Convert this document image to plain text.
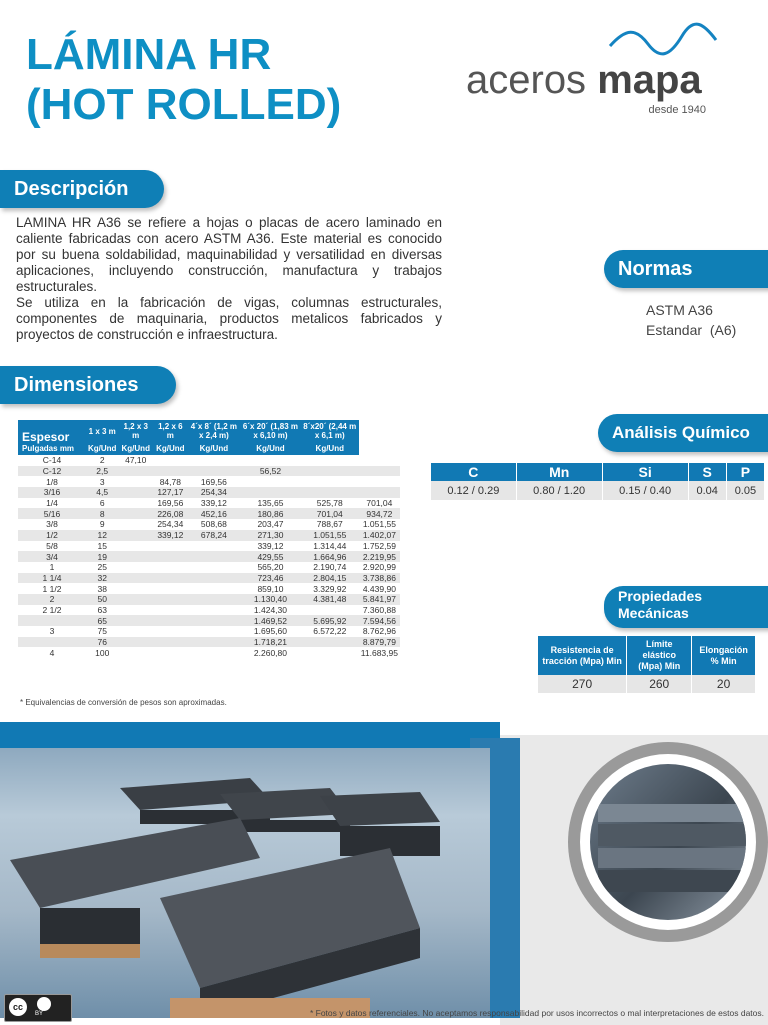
LÁMINA HR
(HOT ROLLED)	aceros mapa
desde 1940
Descripción
LAMINA HR A36 se refiere a hojas o placas de acero laminado en caliente fabricadas con acero ASTM A36. Este material es conocido por su buena soldabilidad, maquinabilidad y versatilidad en diversas aplicaciones, incluyendo construcción, manufactura y trabajos estructurales.
Se utiliza en la fabricación de vigas, columnas estructurales, componentes de maquinaria, productos metalicos fabricados y proyectos de construcción e infraestructura.
Normas
ASTM A36
Estandar  (A6)
Dimensiones
Espesor
Pulgadas mm	1 x 3 m	1,2 x 3 m	1,2 x 6 m	4´x 8´ (1,2 m x 2,4 m)	6´x 20´ (1,83 m x 6,10 m)	8´x20´ (2,44 m x 6,1 m)	
	Kg/Und	Kg/Und	Kg/Und	Kg/Und	Kg/Und	Kg/Und	
C-14	2	47,10					
C-12	2,5				56,52		
1/8	3		84,78	169,56			
3/16	4,5		127,17	254,34			
1/4	6		169,56	339,12	135,65	525,78	701,04
5/16	8		226,08	452,16	180,86	701,04	934,72
3/8	9		254,34	508,68	203,47	788,67	1.051,55
1/2	12		339,12	678,24	271,30	1.051,55	1.402,07
5/8	15				339,12	1.314,44	1.752,59
3/4	19				429,55	1.664,96	2.219,95
1	25				565,20	2.190,74	2.920,99
1 1/4	32				723,46	2.804,15	3.738,86
1 1/2	38				859,10	3.329,92	4.439,90
2	50				1.130,40	4.381,48	5.841,97
2 1/2	63				1.424,30		7.360,88
	65				1.469,52	5.695,92	7.594,56
3	75				1.695,60	6.572,22	8.762,96
	76				1.718,21		8.879,79
4	100				2.260,80		11.683,95
* Equivalencias de conversión de pesos son aproximadas.
Análisis Químico
C	Mn	Si	S	P
0.12 / 0.29	0.80 / 1.20	0.15 / 0.40	0.04	0.05
Propiedades
Mecánicas
Resistencia de tracción (Mpa) Min	Límite elástico (Mpa) Min	Elongación % Min
270	260	20
cc
BY	* Fotos y datos referenciales. No aceptamos responsabilidad por usos incorrectos o mal interpretaciones de estos datos.
